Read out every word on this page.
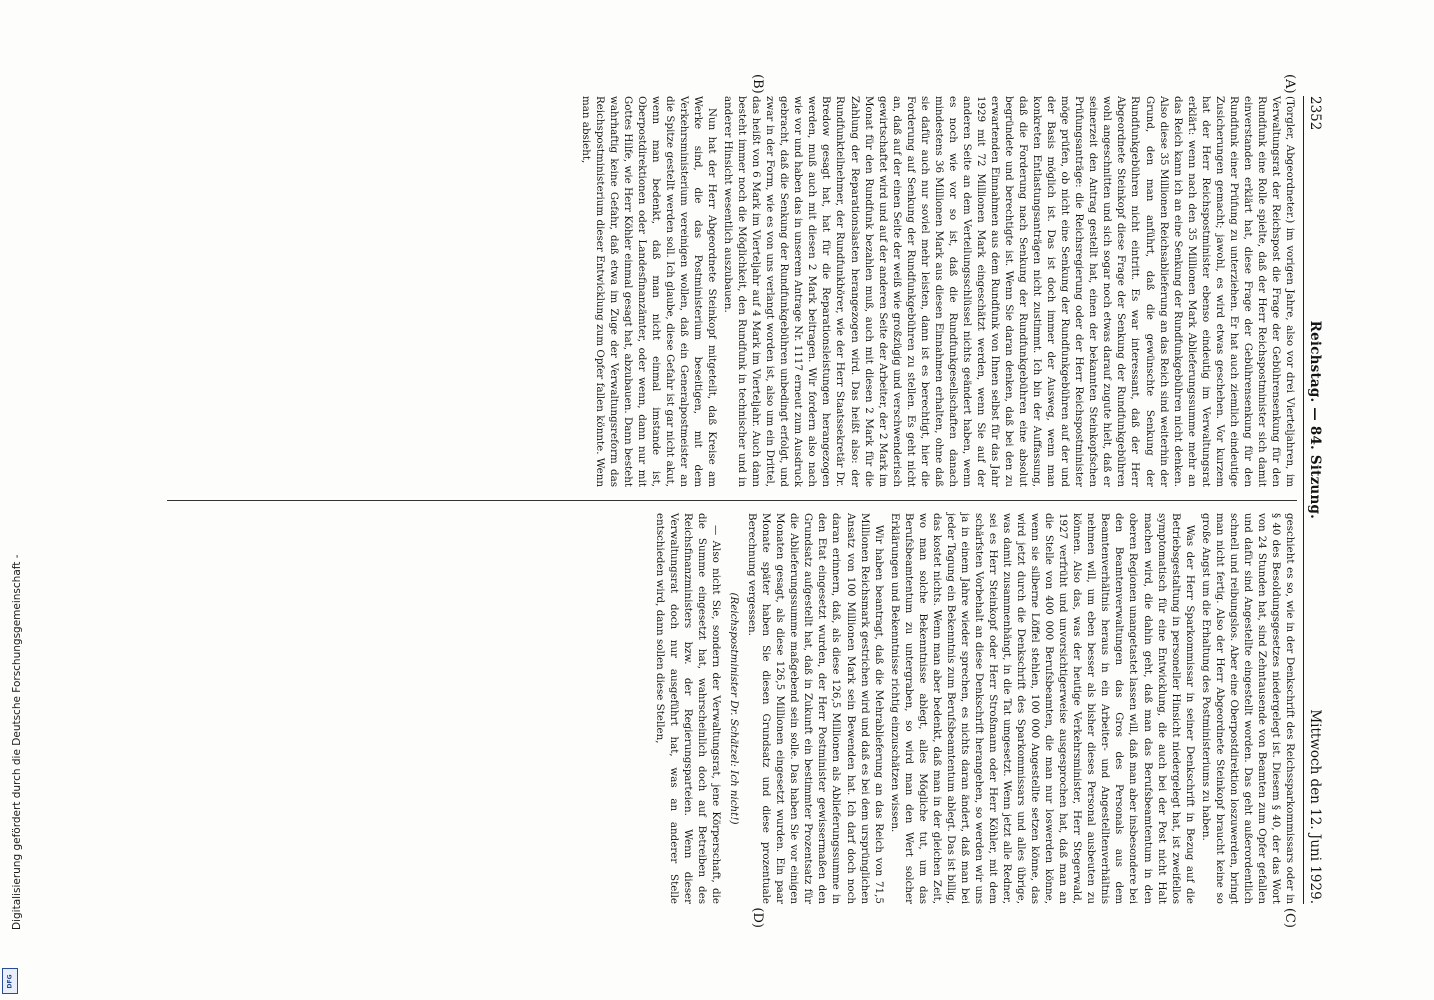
Digitalisierung gefördert durch die Deutsche Forschungsgemeinschaft -
DFG
2352
Reichstag. — 84. Sitzung.
Mittwoch den 12. Juni 1929.
(A)
(B)
(C)
(D)

(Torgler, Abgeordneter.) im vorigen Jahre, also vor drei Vierteljahren, im Verwaltungsrat der Reichspost die Frage der Gebührensenkung für den Rundfunk eine Rolle spielte, daß der Herr Reichspostminister sich damit einverstanden erklärt hat, diese Frage der Gebührensenkung für den Rundfunk einer Prüfung zu unterziehen. Er hat auch ziemlich eindeutige Zusicherungen gemacht; jawohl, es wird etwas geschehen. Vor kurzem hat der Herr Reichspostminister ebenso eindeutig im Verwaltungsrat erklärt: wenn nach den 35 Millionen Mark Ablieferungssumme mehr an das Reich kann ich an eine Senkung der Rundfunkgebühren nicht denken. Also diese 35 Millionen Reichsablieferung an das Reich sind weiterhin der Grund, den man anführt, daß die gewünschte Senkung der Rundfunkgebühren nicht eintritt. Es war interessant, daß der Herr Abgeordnete Steinkopf diese Frage der Senkung der Rundfunkgebühren wohl angeschnitten und sich sogar noch etwas darauf zugute hielt, daß er seinerzeit den Antrag gestellt hat, einen der bekannten Steinkopfschen Prüfungsanträge: die Reichsregierung oder der Herr Reichspostminister möge prüfen, ob nicht eine Senkung der Rundfunkgebühren auf der und der Basis möglich ist. Das ist doch immer der Ausweg, wenn man konkreten Entlastungsanträgen nicht zustimmt. Ich bin der Auffassung, daß die Forderung nach Senkung der Rundfunkgebühren eine absolut begründete und berechtigte ist. Wenn Sie daran denken, daß bei den zu erwartenden Einnahmen aus dem Rundfunk von Ihnen selbst für das Jahr 1929 mit 72 Millionen Mark eingeschätzt werden, wenn Sie auf der anderen Seite an dem Verteilungsschlüssel nichts geändert haben, wenn es noch wie vor so ist, daß die Rundfunkgesellschaften danach mindestens 36 Millionen Mark aus diesen Einnahmen erhalten, ohne daß sie dafür auch nur soviel mehr leisten, dann ist es berechtigt, hier die Forderung auf Senkung der Rundfunkgebühren zu stellen. Es geht nicht an, daß auf der einen Seite der weiß wie großzügig und verschwenderisch gewirtschaftet wird und auf der anderen Seite der Arbeiter, der 2 Mark im Monat für den Rundfunk bezahlen muß, auch mit diesen 2 Mark für die Zahlung der Reparationslasten herangezogen wird. Das heißt also: der Rundfunkteilnehmer, der Rundfunkhörer, wie der Herr Staatssekretär Dr. Bredow gesagt hat, hat für die Reparationsleistungen herangezogen werden, muß auch mit diesen 2 Mark beitragen. Wir fordern also nach wie vor und haben das in unserem Antrage Nr. 1117 erneut zum Ausdruck gebracht, daß die Senkung der Rundfunkgebühren unbedingt erfolgt, und zwar in der Form, wie es von uns verlangt worden ist, also um ein Drittel, das heißt von 6 Mark im Vierteljahr auf 4 Mark im Vierteljahr. Auch dann besteht immer noch die Möglichkeit, den Rundfunk in technischer und in anderer Hinsicht wesentlich auszubauen.

Nun hat der Herr Abgeordnete Steinkopf mitgeteilt, daß Kreise am Werke sind, die das Postministerium beseitigen, mit dem Verkehrsministerium vereinigen wollen, daß ein Generalpostmeister an die Spitze gestellt werden soll. Ich glaube, diese Gefahr ist gar nicht akut, wenn man bedenkt, daß man nicht einmal imstande ist, Oberpostdirektionen oder Landesfinanzämter, oder wenn, dann nur mit Gottes Hilfe, wie Herr Köhler einmal gesagt hat, abzubauen. Dann besteht wahrhaftig keine Gefahr, daß etwa im Zuge der Verwaltungsreform das Reichspostministerium dieser Entwicklung zum Opfer fallen könnte. Wenn man absieht,

geschieht es so, wie in der Denkschrift des Reichssparkommissars oder in § 40 des Besoldungsgesetzes niedergelegt ist. Diesem § 40, der das Wort von 24 Stunden hat, sind Zehntausende von Beamten zum Opfer gefallen und dafür sind Angestellte eingestellt worden. Das geht außerordentlich schnell und reibungslos. Aber eine Oberpostdirektion loszuwerden, bringt man nicht fertig. Also der Herr Abgeordnete Steinkopf braucht keine so große Angst um die Erhaltung des Postministeriums zu haben.

Was der Herr Sparkommissar in seiner Denkschrift in Bezug auf die Betriebsgestaltung in personeller Hinsicht niedergelegt hat, ist zweifellos symptomatisch für eine Entwicklung, die auch bei der Post nicht Halt machen wird, die dahin geht, daß man das Berufsbeamtentum in den oberen Regionen unangetastet lassen will, daß man aber insbesondere bei den Beamtenverwaltungen das Gros des Personals aus dem Beamtenverhältnis heraus in ein Arbeiter- und Angestelltenverhältnis nehmen will, um eben besser als bisher dieses Personal ausbeuten zu können. Also das, was der heutige Verkehrsminister, Herr Stegerwald, 1927 verfrüht und unvorsichtigerweise ausgesprochen hat, daß man an die Stelle von 400 000 Berufsbeamten, die man nur loswerden könne, wenn sie silberne Löffel stehlen, 100 000 Angestellte setzen könne, das wird jetzt durch die Denkschrift des Sparkommissars und alles übrige, was damit zusammenhängt, in die Tat umgesetzt. Wenn jetzt alle Redner, sei es Herr Steinkopf oder Herr Stroßmann oder Herr Köhler, mit dem schärfsten Vorbehalt an diese Denkschrift herangehen, so werden wir uns ja in einem Jahre wieder sprechen, es nichts daran ändert, daß man bei jeder Tagung ein Bekenntnis zum Berufsbeamtentum ablegt. Das ist billig, das kostet nichts. Wenn man aber bedenkt, daß man in der gleichen Zeit, wo man solche Bekenntnisse ablegt, alles Mögliche tut, um das Berufsbeamtentum zu untergraben, so wird man den Wert solcher Erklärungen und Bekenntnisse richtig einzuschätzen wissen.

Wir haben beantragt, daß die Mehrablieferung an das Reich von 71,5 Millionen Reichsmark gestrichen wird und daß es bei dem ursprünglichen Ansatz von 100 Millionen Mark sein Bewenden hat. Ich darf doch noch daran erinnern, daß, als diese 126,5 Millionen als Ablieferungssumme in den Etat eingesetzt wurden, der Herr Postminister gewissermaßen den Grundsatz aufgestellt hat, daß in Zukunft ein bestimmter Prozentsatz für die Ablieferungssumme maßgebend sein solle. Das haben Sie vor einigen Monaten gesagt, als diese 126,5 Millionen eingesetzt wurden. Ein paar Monate später haben Sie diesen Grundsatz und diese prozentuale Berechnung vergessen.

(Reichspostminister Dr. Schätzel: Ich nicht!)

— Also nicht Sie, sondern der Verwaltungsrat, jene Körperschaft, die die Summe eingesetzt hat, wahrscheinlich doch auf Betreiben des Reichsfinanzministers bzw. der Regierungsparteien. Wenn dieser Verwaltungsrat doch nur ausgeführt hat, was an anderer Stelle entschieden wird, dann sollen diese Stellen,
